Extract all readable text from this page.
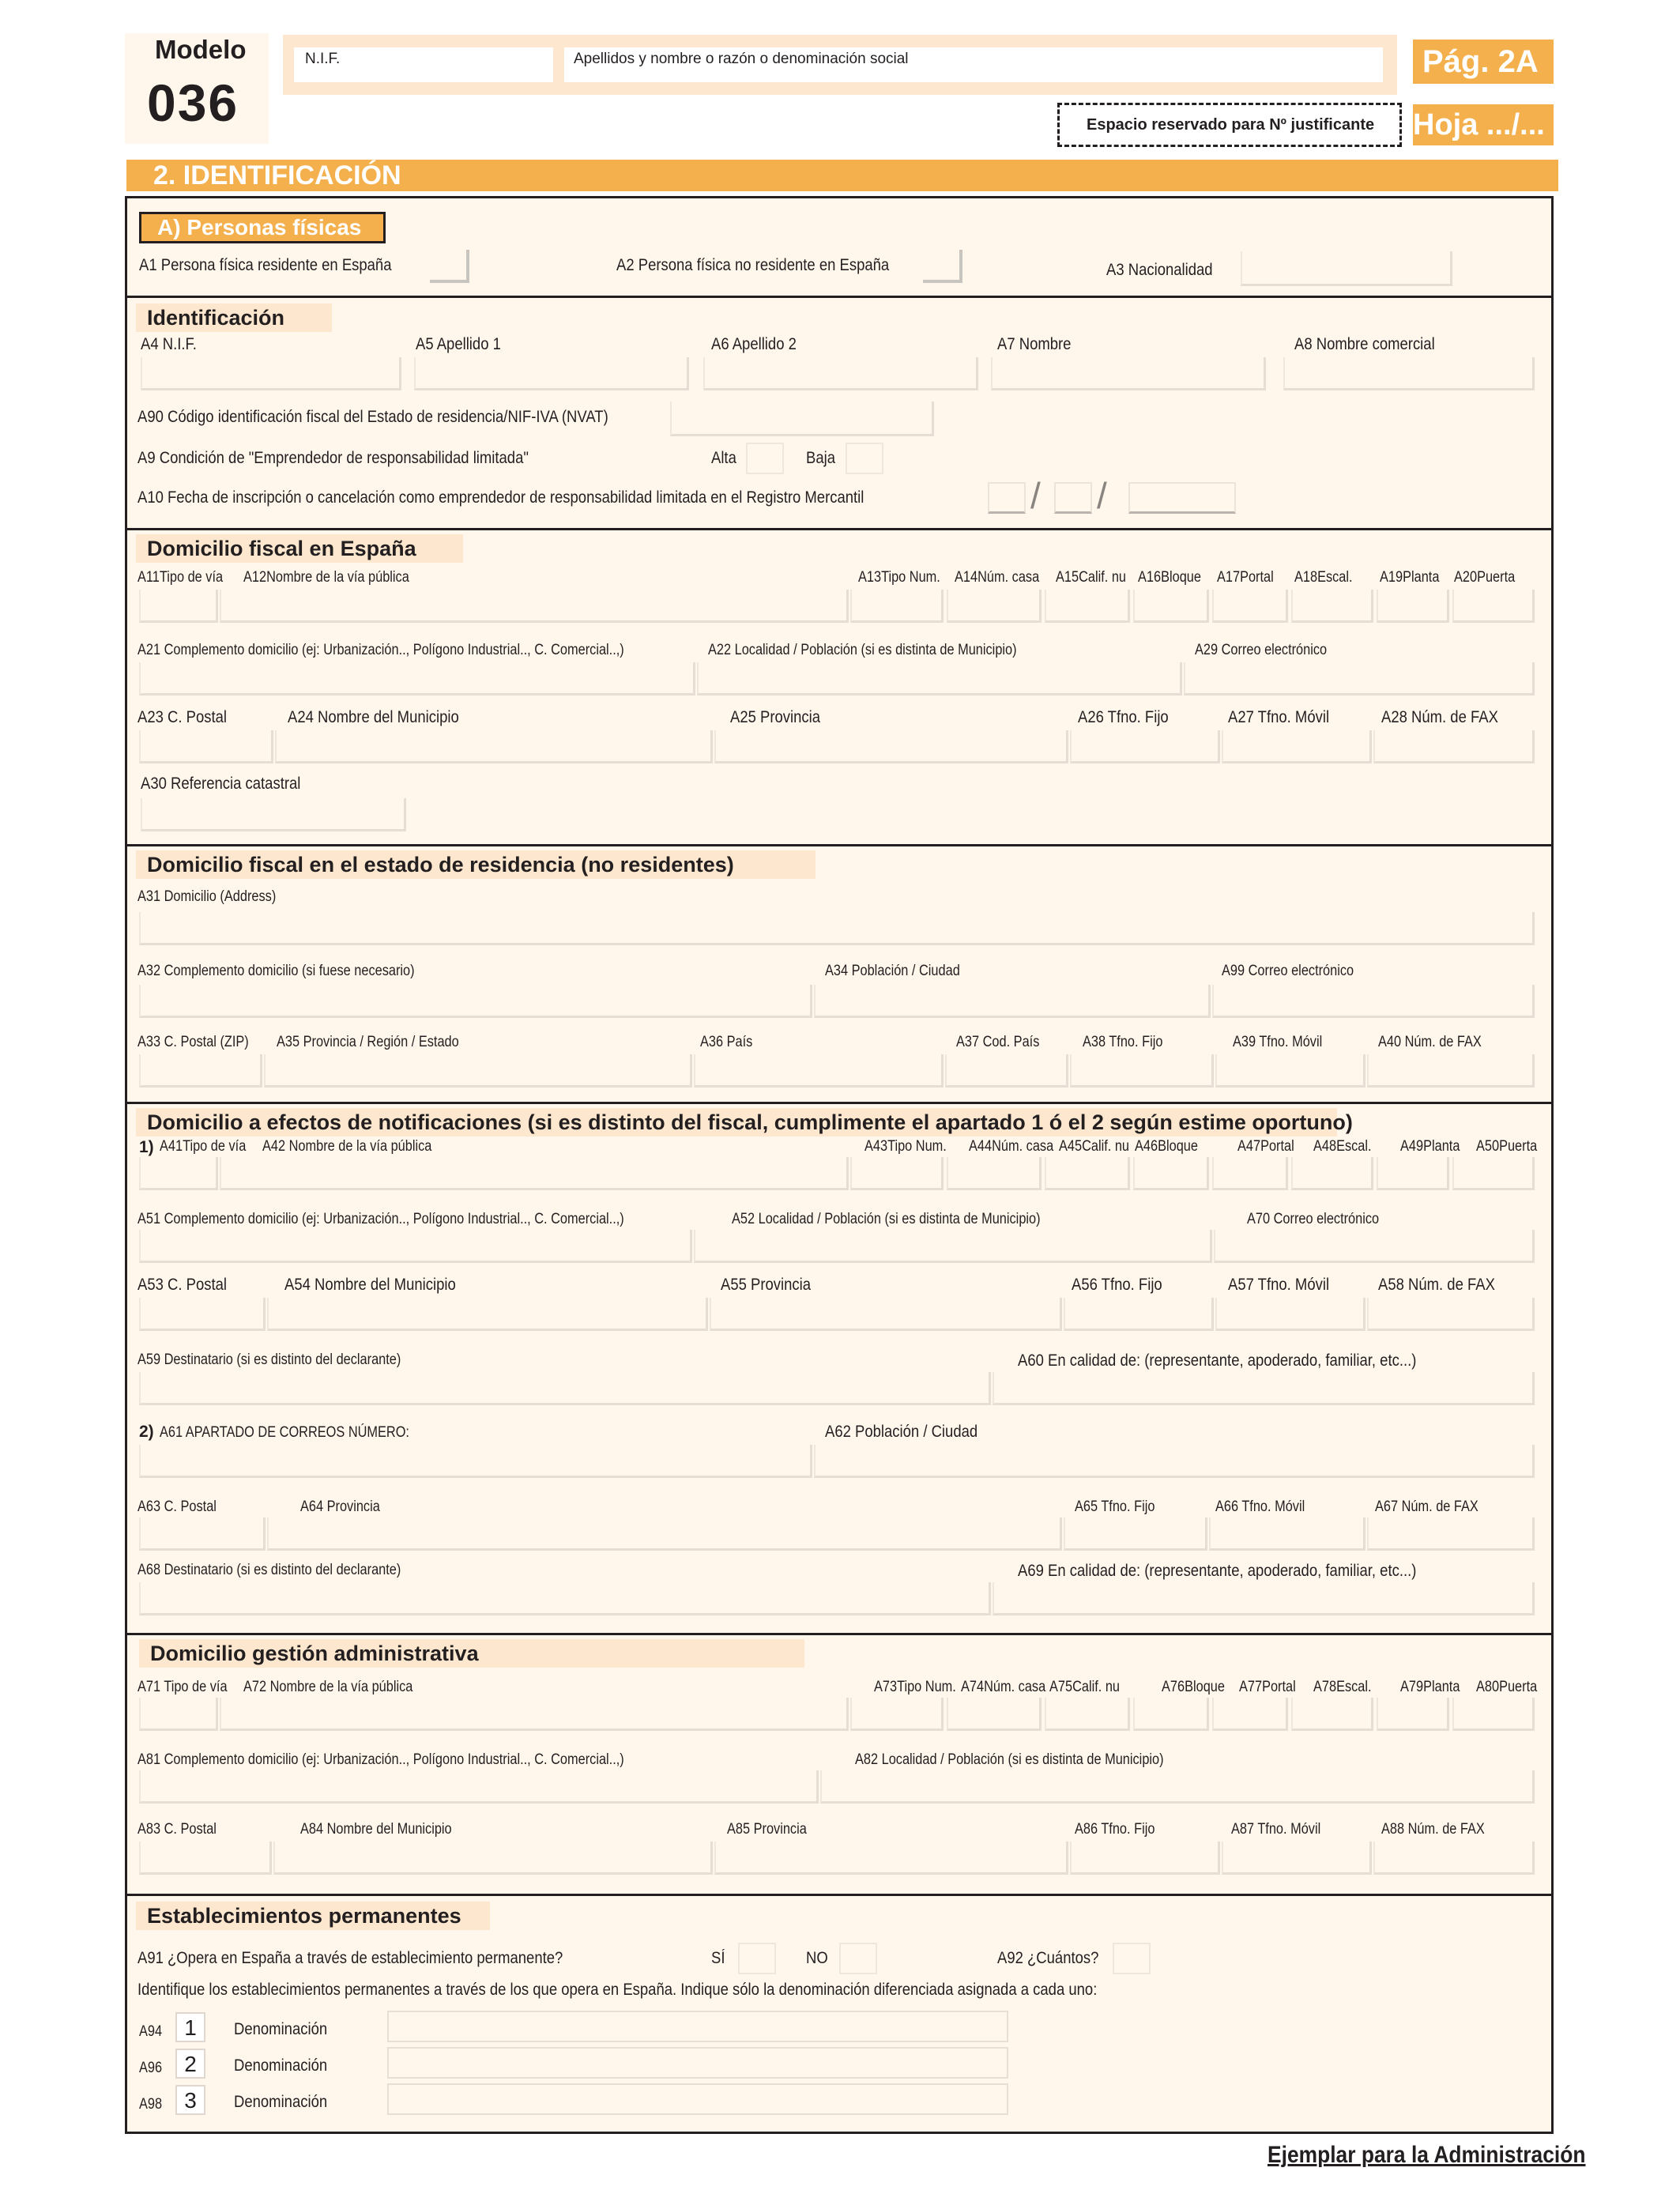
Modelo
036
N.I.F.	Apellidos y nombre o razón o denominación social	Pág. 2A
Espacio reservado para Nº justificante Hoja .../...
2. IDENTIFICACIÓN
A) Personas físicas
A1 Persona física residente en España	A2 Persona física no residente en España	A3 Nacionalidad
Identificación
A4 N.I.F.	A5 Apellido 1	A6 Apellido 2	A7 Nombre	A8 Nombre comercial
A90 Código identificación fiscal del Estado de residencia/NIF-IVA (NVAT)
A9 Condición de "Emprendedor de responsabilidad limitada"	Alta	Baja
A10 Fecha de inscripción o cancelación como emprendedor de responsabilidad limitada en el Registro Mercantil	/ /
Domicilio fiscal en España
A11Tipo de vía A12Nombre de la vía pública	A13Tipo Num. A14Núm. casa A15Calif. nu A16Bloque A17Portal A18Escal. A19Planta A20Puerta
A21 Complemento domicilio (ej: Urbanización.., Polígono Industrial.., C. Comercial..,)	A22 Localidad / Población (si es distinta de Municipio)	A29 Correo electrónico
A23 C. Postal	A24 Nombre del Municipio	A25 Provincia	A26 Tfno. Fijo	A27 Tfno. Móvil	A28 Núm. de FAX
A30 Referencia catastral
Domicilio fiscal en el estado de residencia (no residentes)
A31 Domicilio (Address)
A32 Complemento domicilio (si fuese necesario)	A34 Población / Ciudad	A99 Correo electrónico
A33 C. Postal (ZIP) A35 Provincia / Región / Estado	A36 País	A37 Cod. País	A38 Tfno. Fijo	A39 Tfno. Móvil	A40 Núm. de FAX
Domicilio a efectos de notificaciones (si es distinto del fiscal, cumplimente el apartado 1 ó el 2 según estime oportuno)
1) A41Tipo de vía A42 Nombre de la vía pública	A43Tipo Num. A44Núm. casa A45Calif. nu A46Bloque	A47Portal A48Escal. A49Planta A50Puerta
A51 Complemento domicilio (ej: Urbanización.., Polígono Industrial.., C. Comercial..,)	A52 Localidad / Población (si es distinta de Municipio)	A70 Correo electrónico
A53 C. Postal	A54 Nombre del Municipio	A55 Provincia	A56 Tfno. Fijo	A57 Tfno. Móvil	A58 Núm. de FAX
A59 Destinatario (si es distinto del declarante)	A60 En calidad de: (representante, apoderado, familiar, etc...)
2) A61 APARTADO DE CORREOS NÚMERO:	A62 Población / Ciudad
A63 C. Postal	A64 Provincia	A65 Tfno. Fijo	A66 Tfno. Móvil	A67 Núm. de FAX
A68 Destinatario (si es distinto del declarante)	A69 En calidad de: (representante, apoderado, familiar, etc...)
Domicilio gestión administrativa
A71 Tipo de vía A72 Nombre de la vía pública	A73Tipo Num. A74Núm. casa A75Calif. nu	A76Bloque A77Portal A78Escal. A79Planta A80Puerta
A81 Complemento domicilio (ej: Urbanización.., Polígono Industrial.., C. Comercial..,)	A82 Localidad / Población (si es distinta de Municipio)
A83 C. Postal	A84 Nombre del Municipio	A85 Provincia	A86 Tfno. Fijo	A87 Tfno. Móvil	A88 Núm. de FAX
Establecimientos permanentes
A91 ¿Opera en España a través de establecimiento permanente?	SÍ	NO	A92 ¿Cuántos?
Identifique los establecimientos permanentes a través de los que opera en España. Indique sólo la denominación diferenciada asignada a cada uno:
A94	1	Denominación
A96	2	Denominación
A98	3	Denominación
Ejemplar para la Administración
